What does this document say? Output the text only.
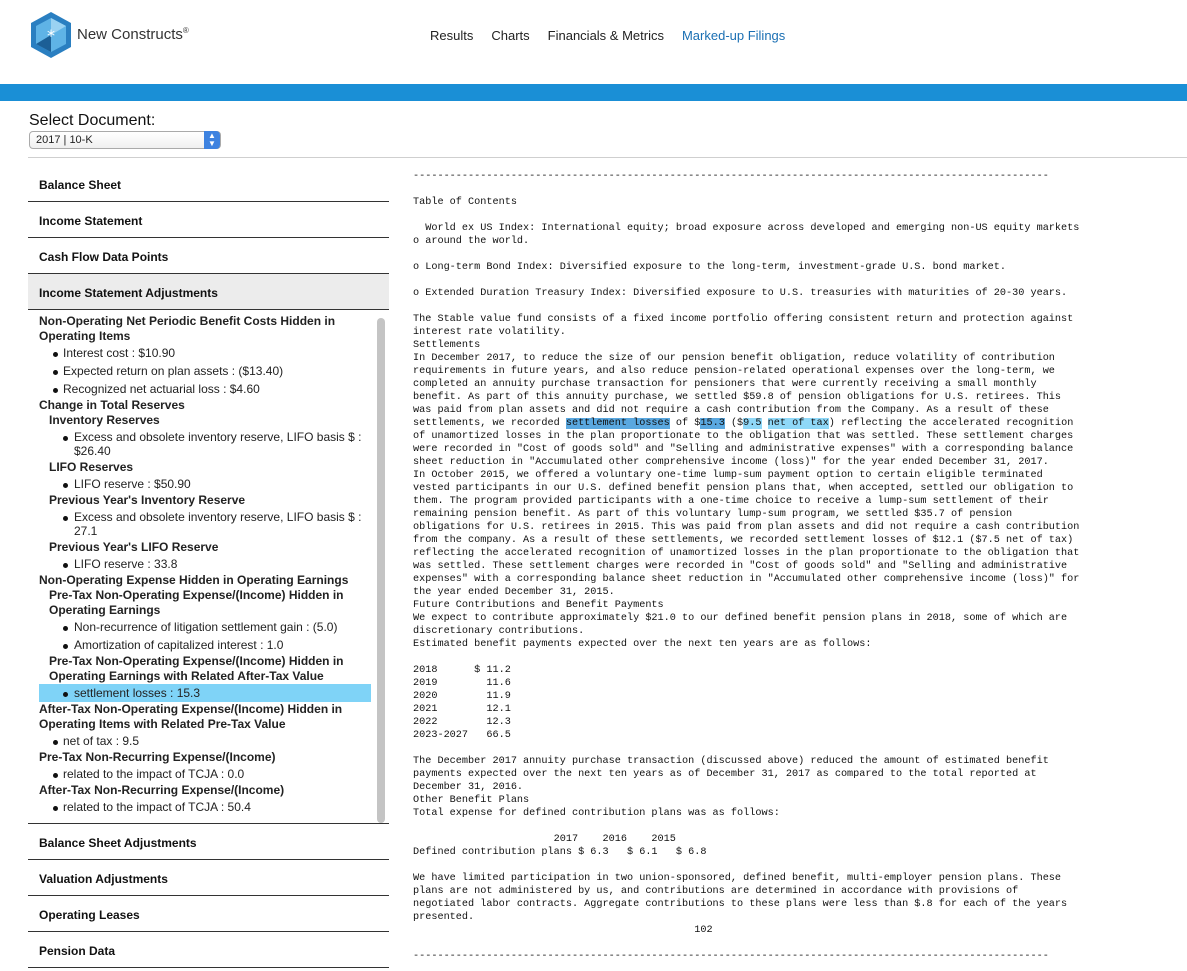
* New Constructs®	Results Charts Financials & Metrics Marked-up Filings
Select Document:
2017 | 10-K	▲
▼
Balance Sheet
Income Statement
Cash Flow Data Points
Income Statement Adjustments
Non-Operating Net Periodic Benefit Costs Hidden in Operating Items
Interest cost : $10.90
Expected return on plan assets : ($13.40)
Recognized net actuarial loss : $4.60
Change in Total Reserves
Inventory Reserves
Excess and obsolete inventory reserve, LIFO basis $ : $26.40
LIFO Reserves
LIFO reserve : $50.90
Previous Year's Inventory Reserve
Excess and obsolete inventory reserve, LIFO basis $ : 27.1
Previous Year's LIFO Reserve
LIFO reserve : 33.8
Non-Operating Expense Hidden in Operating Earnings
Pre-Tax Non-Operating Expense/(Income) Hidden in Operating Earnings
Non-recurrence of litigation settlement gain : (5.0)
Amortization of capitalized interest : 1.0
Pre-Tax Non-Operating Expense/(Income) Hidden in Operating Earnings with Related After-Tax Value
settlement losses : 15.3
After-Tax Non-Operating Expense/(Income) Hidden in Operating Items with Related Pre-Tax Value
net of tax : 9.5
Pre-Tax Non-Recurring Expense/(Income)
related to the impact of TCJA : 0.0
After-Tax Non-Recurring Expense/(Income)
related to the impact of TCJA : 50.4
Balance Sheet Adjustments
Valuation Adjustments
Operating Leases
Pension Data
--------------------------------------------------------------------------------------------------------

Table of Contents

World ex US Index: International equity; broad exposure across developed and emerging non-US equity markets
o around the world.

o Long-term Bond Index: Diversified exposure to the long-term, investment-grade U.S. bond market.

o Extended Duration Treasury Index: Diversified exposure to U.S. treasuries with maturities of 20-30 years.

The Stable value fund consists of a fixed income portfolio offering consistent return and protection against
interest rate volatility.
Settlements
In December 2017, to reduce the size of our pension benefit obligation, reduce volatility of contribution
requirements in future years, and also reduce pension-related operational expenses over the long-term, we
completed an annuity purchase transaction for pensioners that were currently receiving a small monthly
benefit. As part of this annuity purchase, we settled $59.8 of pension obligations for U.S. retirees. This
was paid from plan assets and did not require a cash contribution from the Company. As a result of these
settlements, we recorded settlement losses of $15.3 ($9.5 net of tax) reflecting the accelerated recognition
of unamortized losses in the plan proportionate to the obligation that was settled. These settlement charges
were recorded in "Cost of goods sold" and "Selling and administrative expenses" with a corresponding balance
sheet reduction in "Accumulated other comprehensive income (loss)" for the year ended December 31, 2017.
In October 2015, we offered a voluntary one-time lump-sum payment option to certain eligible terminated
vested participants in our U.S. defined benefit pension plans that, when accepted, settled our obligation to
them. The program provided participants with a one-time choice to receive a lump-sum settlement of their
remaining pension benefit. As part of this voluntary lump-sum program, we settled $35.7 of pension
obligations for U.S. retirees in 2015. This was paid from plan assets and did not require a cash contribution
from the company. As a result of these settlements, we recorded settlement losses of $12.1 ($7.5 net of tax)
reflecting the accelerated recognition of unamortized losses in the plan proportionate to the obligation that
was settled. These settlement charges were recorded in "Cost of goods sold" and "Selling and administrative
expenses" with a corresponding balance sheet reduction in "Accumulated other comprehensive income (loss)" for
the year ended December 31, 2015.
Future Contributions and Benefit Payments
We expect to contribute approximately $21.0 to our defined benefit pension plans in 2018, some of which are
discretionary contributions.
Estimated benefit payments expected over the next ten years are as follows:

2018      $ 11.2
2019        11.6
2020        11.9
2021        12.1
2022        12.3
2023-2027   66.5

The December 2017 annuity purchase transaction (discussed above) reduced the amount of estimated benefit
payments expected over the next ten years as of December 31, 2017 as compared to the total reported at
December 31, 2016.
Other Benefit Plans
Total expense for defined contribution plans was as follows:

2017    2016    2015
Defined contribution plans $ 6.3   $ 6.1   $ 6.8

We have limited participation in two union-sponsored, defined benefit, multi-employer pension plans. These
plans are not administered by us, and contributions are determined in accordance with provisions of
negotiated labor contracts. Aggregate contributions to these plans were less than $.8 for each of the years
presented.
102

--------------------------------------------------------------------------------------------------------
